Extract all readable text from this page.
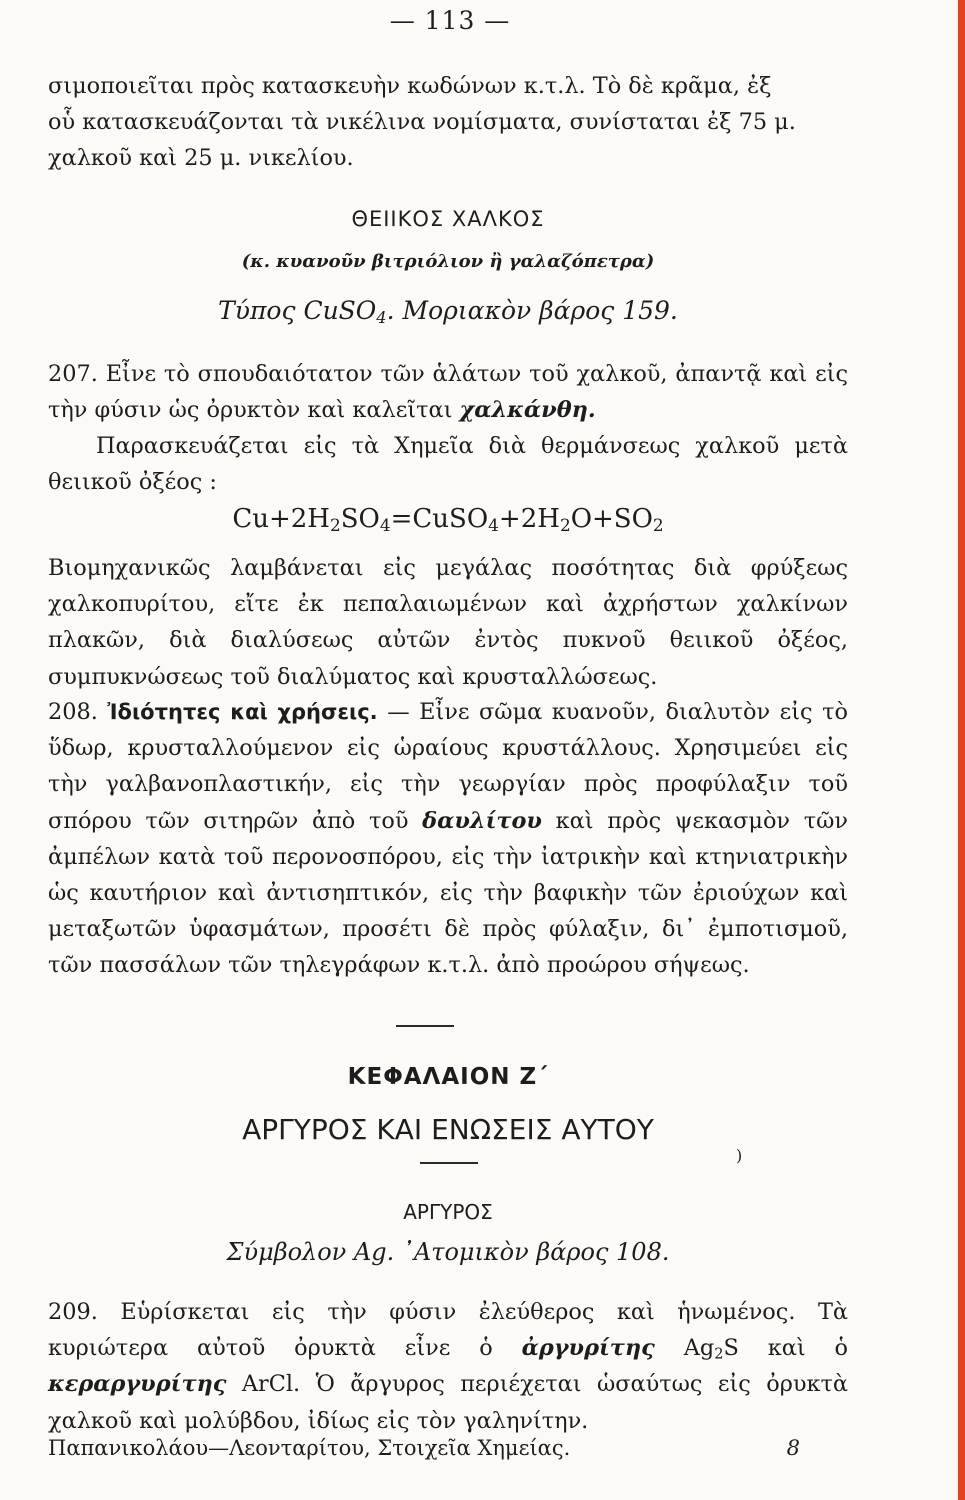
— 113 —
σιμοποιεῖται πρὸς κατασκευὴν κωδώνων κ.τ.λ. Τὸ δὲ κρᾶμα, ἐξ
οὗ κατασκευάζονται τὰ νικέλινα νομίσματα, συνίσταται ἐξ 75 μ.
χαλκοῦ καὶ 25 μ. νικελίου.
ΘΕΙΙΚΟΣ ΧΑΛΚΟΣ
(κ. κυανοῦν βιτριόλιον ἢ γαλαζόπετρα)
Τύπος CuSO$_4$. Μοριακὸν βάρος 159.
207. Εἶνε τὸ σπουδαιότατον τῶν ἁλάτων τοῦ χαλκοῦ, ἀπαντᾷ καὶ εἰς τὴν φύσιν ὡς ὀρυκτὸν καὶ καλεῖται χαλκάνθη.
Παρασκευάζεται εἰς τὰ Χημεῖα διὰ θερμάνσεως χαλκοῦ μετὰ θειικοῦ ὀξέος :
$Cu+2H_2SO_4=CuSO_4+2H_2O+SO_2$
Βιομηχανικῶς λαμβάνεται εἰς μεγάλας ποσότητας διὰ φρύξεως χαλκοπυρίτου, εἴτε ἐκ πεπαλαιωμένων καὶ ἀχρήστων χαλκίνων πλακῶν, διὰ διαλύσεως αὐτῶν ἐντὸς πυκνοῦ θειικοῦ ὀξέος, συμπυκνώσεως τοῦ διαλύματος καὶ κρυσταλλώσεως.
208. Ἰδιότητες καὶ χρήσεις. — Εἶνε σῶμα κυανοῦν, διαλυτὸν εἰς τὸ ὕδωρ, κρυσταλλούμενον εἰς ὡραίους κρυστάλλους. Χρησιμεύει εἰς τὴν γαλβανοπλαστικήν, εἰς τὴν γεωργίαν πρὸς προφύλαξιν τοῦ σπόρου τῶν σιτηρῶν ἀπὸ τοῦ δαυλίτου καὶ πρὸς ψεκασμὸν τῶν ἀμπέλων κατὰ τοῦ περονοσπόρου, εἰς τὴν ἰατρικὴν καὶ κτηνιατρικὴν ὡς καυτήριον καὶ ἀντισηπτικόν, εἰς τὴν βαφικὴν τῶν ἐριούχων καὶ μεταξωτῶν ὑφασμάτων, προσέτι δὲ πρὸς φύλαξιν, δι᾽ ἐμποτισμοῦ, τῶν πασσάλων τῶν τηλεγράφων κ.τ.λ. ἀπὸ προώρου σήψεως.
ΚΕΦΑΛΑΙΟΝ Ζ΄
ΑΡΓΥΡΟΣ ΚΑΙ ΕΝΩΣΕΙΣ ΑΥΤΟΥ
)
ΑΡΓΥΡΟΣ
Σύμβολον Ag. ᾽Ατομικὸν βάρος 108.
209. Εὑρίσκεται εἰς τὴν φύσιν ἐλεύθερος καὶ ἡνωμένος. Τὰ κυριώτερα αὐτοῦ ὀρυκτὰ εἶνε ὁ ἀργυρίτης $Ag_2S$ καὶ ὁ κεραργυρίτης ArCl. Ὁ ἄργυρος περιέχεται ὡσαύτως εἰς ὀρυκτὰ χαλκοῦ καὶ μολύβδου, ἰδίως εἰς τὸν γαληνίτην.
Παπανικολάου—Λεονταρίτου, Στοιχεῖα Χημείας.	8
